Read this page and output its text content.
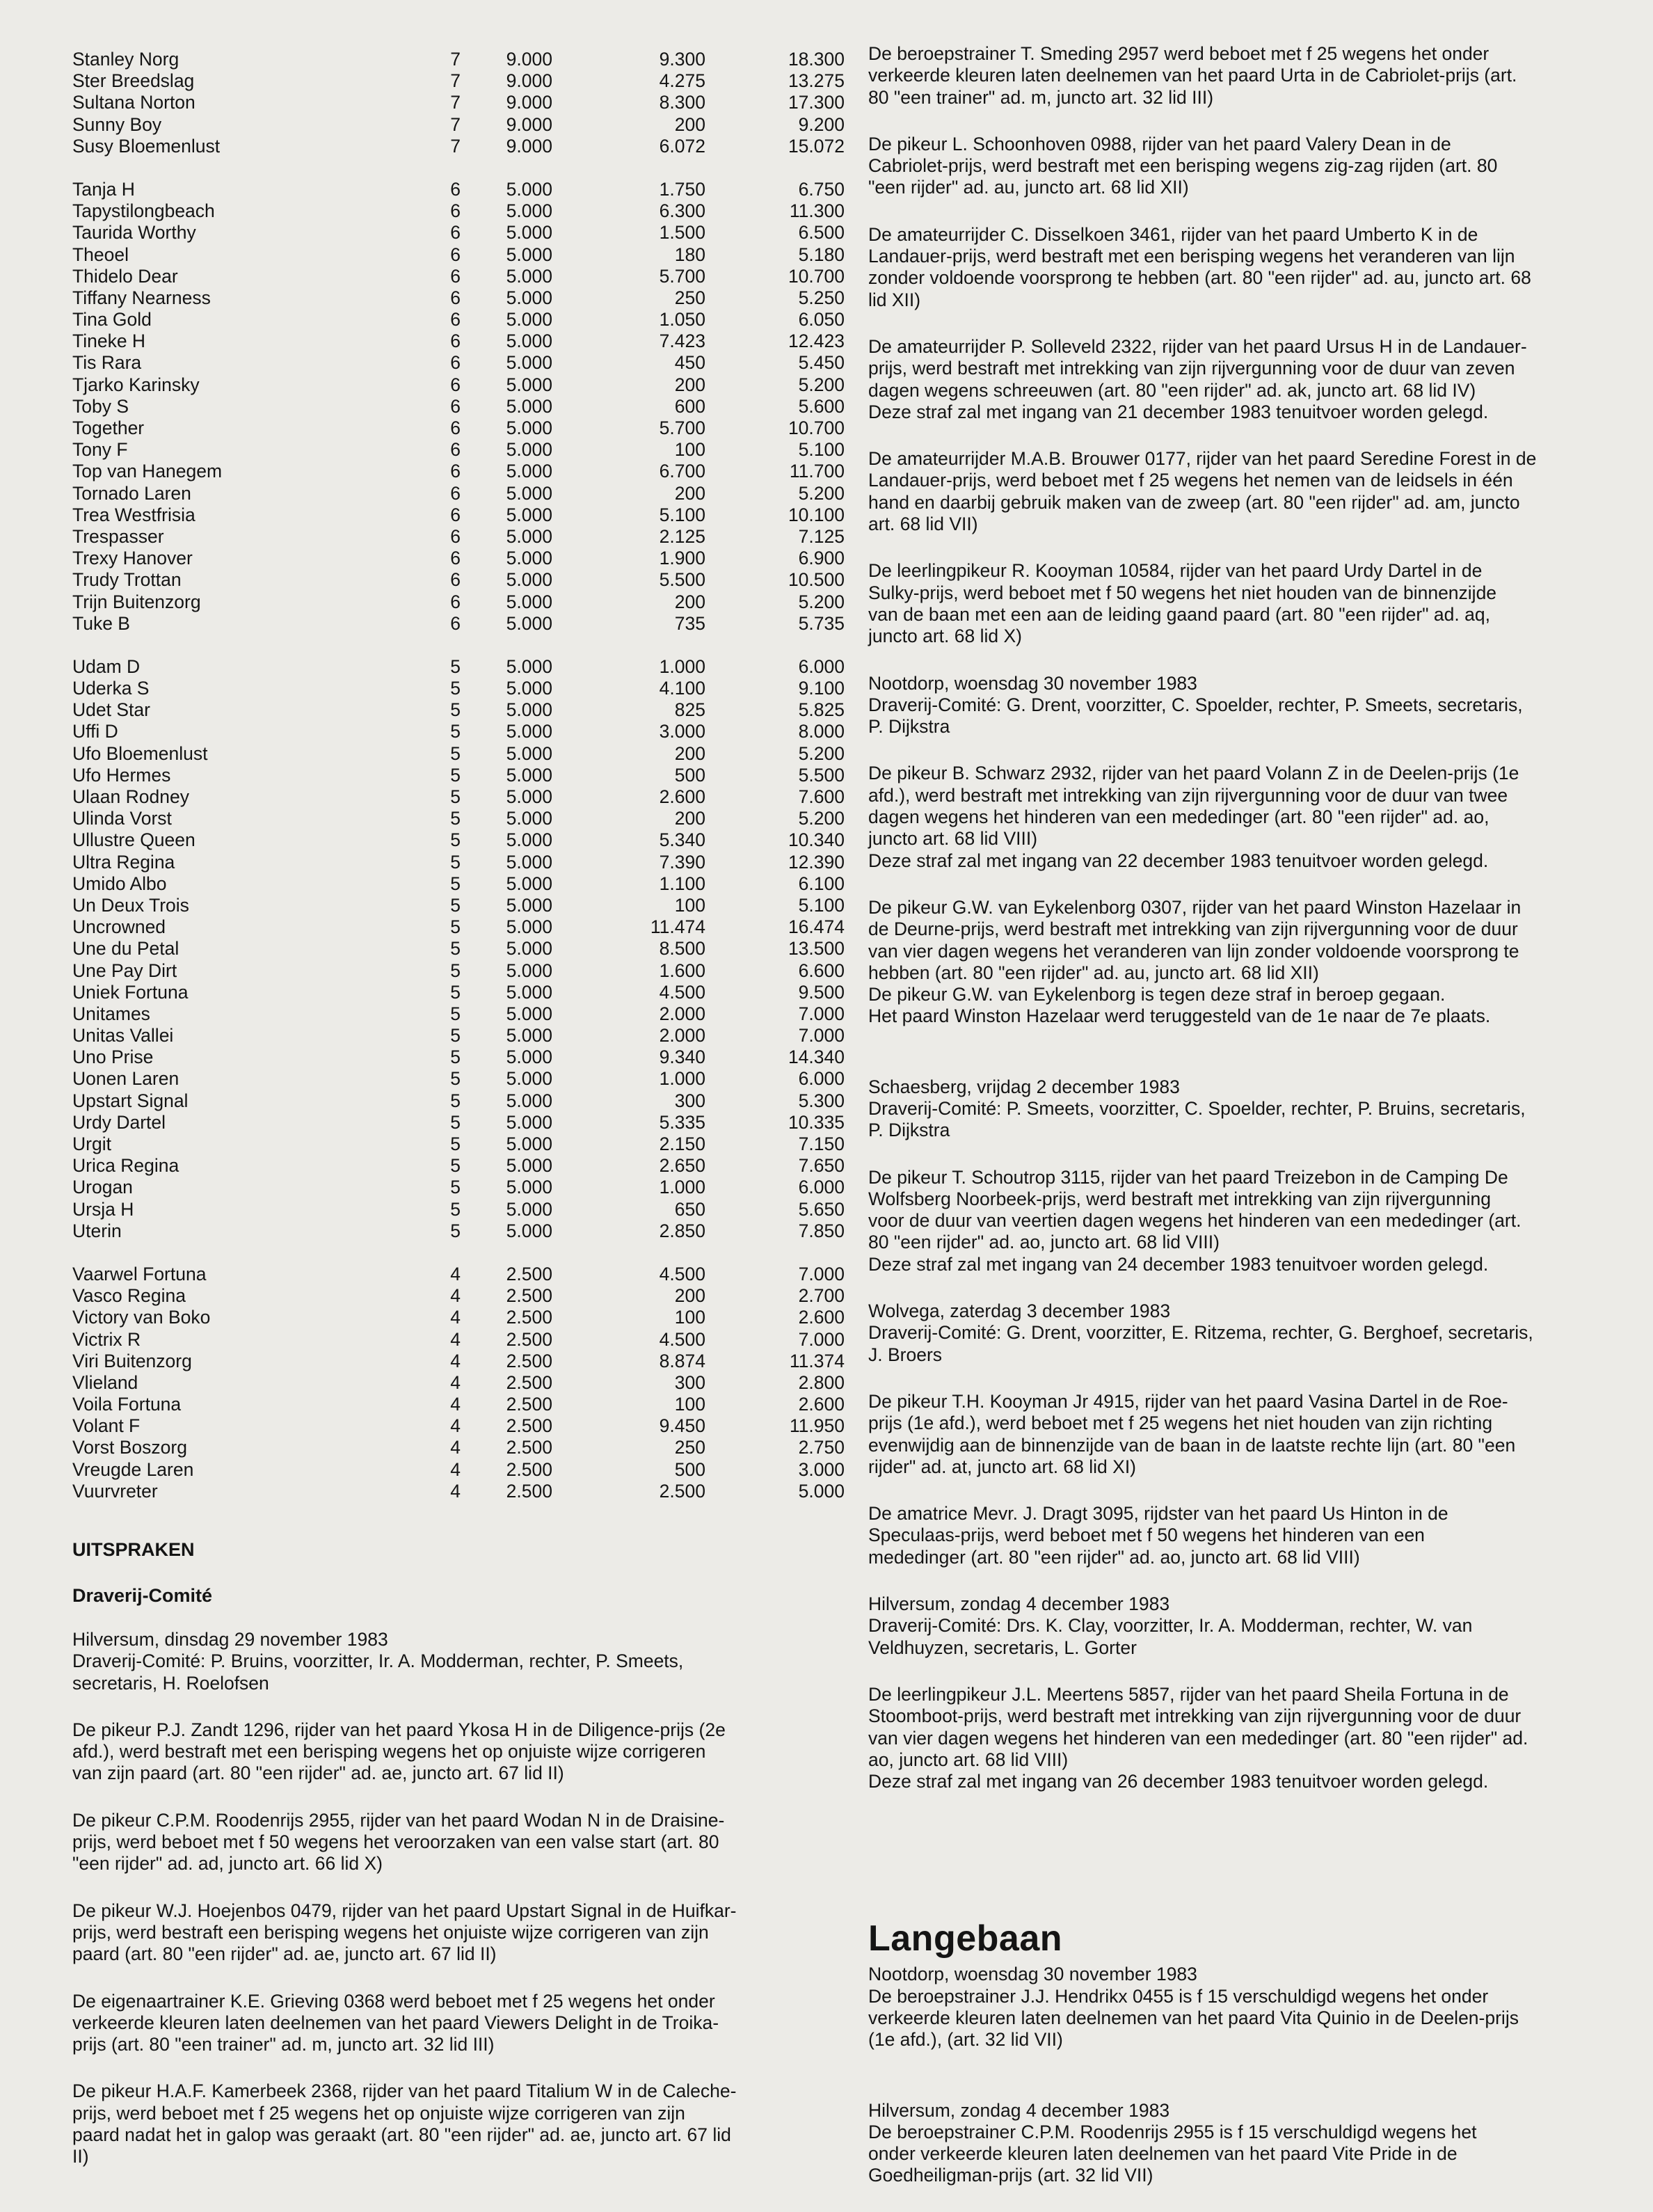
Stanley Norg	7	9.000	9.300	18.300
Ster Breedslag	7	9.000	4.275	13.275
Sultana Norton	7	9.000	8.300	17.300
Sunny Boy	7	9.000	200	9.200
Susy Bloemenlust	7	9.000	6.072	15.072
Tanja H	6	5.000	1.750	6.750
Tapystilongbeach	6	5.000	6.300	11.300
Taurida Worthy	6	5.000	1.500	6.500
Theoel	6	5.000	180	5.180
Thidelo Dear	6	5.000	5.700	10.700
Tiffany Nearness	6	5.000	250	5.250
Tina Gold	6	5.000	1.050	6.050
Tineke H	6	5.000	7.423	12.423
Tis Rara	6	5.000	450	5.450
Tjarko Karinsky	6	5.000	200	5.200
Toby S	6	5.000	600	5.600
Together	6	5.000	5.700	10.700
Tony F	6	5.000	100	5.100
Top van Hanegem	6	5.000	6.700	11.700
Tornado Laren	6	5.000	200	5.200
Trea Westfrisia	6	5.000	5.100	10.100
Trespasser	6	5.000	2.125	7.125
Trexy Hanover	6	5.000	1.900	6.900
Trudy Trottan	6	5.000	5.500	10.500
Trijn Buitenzorg	6	5.000	200	5.200
Tuke B	6	5.000	735	5.735
Udam D	5	5.000	1.000	6.000
Uderka S	5	5.000	4.100	9.100
Udet Star	5	5.000	825	5.825
Uffi D	5	5.000	3.000	8.000
Ufo Bloemenlust	5	5.000	200	5.200
Ufo Hermes	5	5.000	500	5.500
Ulaan Rodney	5	5.000	2.600	7.600
Ulinda Vorst	5	5.000	200	5.200
Ullustre Queen	5	5.000	5.340	10.340
Ultra Regina	5	5.000	7.390	12.390
Umido Albo	5	5.000	1.100	6.100
Un Deux Trois	5	5.000	100	5.100
Uncrowned	5	5.000	11.474	16.474
Une du Petal	5	5.000	8.500	13.500
Une Pay Dirt	5	5.000	1.600	6.600
Uniek Fortuna	5	5.000	4.500	9.500
Unitames	5	5.000	2.000	7.000
Unitas Vallei	5	5.000	2.000	7.000
Uno Prise	5	5.000	9.340	14.340
Uonen Laren	5	5.000	1.000	6.000
Upstart Signal	5	5.000	300	5.300
Urdy Dartel	5	5.000	5.335	10.335
Urgit	5	5.000	2.150	7.150
Urica Regina	5	5.000	2.650	7.650
Urogan	5	5.000	1.000	6.000
Ursja H	5	5.000	650	5.650
Uterin	5	5.000	2.850	7.850
Vaarwel Fortuna	4	2.500	4.500	7.000
Vasco Regina	4	2.500	200	2.700
Victory van Boko	4	2.500	100	2.600
Victrix R	4	2.500	4.500	7.000
Viri Buitenzorg	4	2.500	8.874	11.374
Vlieland	4	2.500	300	2.800
Voila Fortuna	4	2.500	100	2.600
Volant F	4	2.500	9.450	11.950
Vorst Boszorg	4	2.500	250	2.750
Vreugde Laren	4	2.500	500	3.000
Vuurvreter	4	2.500	2.500	5.000
UITSPRAKEN
Draverij-Comité
Hilversum, dinsdag 29 november 1983
Draverij-Comité: P. Bruins, voorzitter, Ir. A. Modderman, rechter, P. Smeets,
secretaris, H. Roelofsen
De pikeur P.J. Zandt 1296, rijder van het paard Ykosa H in de Diligence-prijs (2e
afd.), werd bestraft met een berisping wegens het op onjuiste wijze corrigeren
van zijn paard (art. 80 "een rijder" ad. ae, juncto art. 67 lid II)
De pikeur C.P.M. Roodenrijs 2955, rijder van het paard Wodan N in de Draisine-
prijs, werd beboet met f 50 wegens het veroorzaken van een valse start (art. 80
"een rijder" ad. ad, juncto art. 66 lid X)
De pikeur W.J. Hoejenbos 0479, rijder van het paard Upstart Signal in de Huifkar-
prijs, werd bestraft een berisping wegens het onjuiste wijze corrigeren van zijn
paard (art. 80 "een rijder" ad. ae, juncto art. 67 lid II)
De eigenaartrainer K.E. Grieving 0368 werd beboet met f 25 wegens het onder
verkeerde kleuren laten deelnemen van het paard Viewers Delight in de Troika-
prijs (art. 80 "een trainer" ad. m, juncto art. 32 lid III)
De pikeur H.A.F. Kamerbeek 2368, rijder van het paard Titalium W in de Caleche-
prijs, werd beboet met f 25 wegens het op onjuiste wijze corrigeren van zijn
paard nadat het in galop was geraakt (art. 80 "een rijder" ad. ae, juncto art. 67 lid
II)
De beroepstrainer T. Smeding 2957 werd beboet met f 25 wegens het onder
verkeerde kleuren laten deelnemen van het paard Urta in de Cabriolet-prijs (art.
80 "een trainer" ad. m, juncto art. 32 lid III)
De pikeur L. Schoonhoven 0988, rijder van het paard Valery Dean in de
Cabriolet-prijs, werd bestraft met een berisping wegens zig-zag rijden (art. 80
"een rijder" ad. au, juncto art. 68 lid XII)
De amateurrijder C. Disselkoen 3461, rijder van het paard Umberto K in de
Landauer-prijs, werd bestraft met een berisping wegens het veranderen van lijn
zonder voldoende voorsprong te hebben (art. 80 "een rijder" ad. au, juncto art. 68
lid XII)
De amateurrijder P. Solleveld 2322, rijder van het paard Ursus H in de Landauer-
prijs, werd bestraft met intrekking van zijn rijvergunning voor de duur van zeven
dagen wegens schreeuwen (art. 80 "een rijder" ad. ak, juncto art. 68 lid IV)
Deze straf zal met ingang van 21 december 1983 tenuitvoer worden gelegd.
De amateurrijder M.A.B. Brouwer 0177, rijder van het paard Seredine Forest in de
Landauer-prijs, werd beboet met f 25 wegens het nemen van de leidsels in één
hand en daarbij gebruik maken van de zweep (art. 80 "een rijder" ad. am, juncto
art. 68 lid VII)
De leerlingpikeur R. Kooyman 10584, rijder van het paard Urdy Dartel in de
Sulky-prijs, werd beboet met f 50 wegens het niet houden van de binnenzijde
van de baan met een aan de leiding gaand paard (art. 80 "een rijder" ad. aq,
juncto art. 68 lid X)
Nootdorp, woensdag 30 november 1983
Draverij-Comité: G. Drent, voorzitter, C. Spoelder, rechter, P. Smeets, secretaris,
P. Dijkstra
De pikeur B. Schwarz 2932, rijder van het paard Volann Z in de Deelen-prijs (1e
afd.), werd bestraft met intrekking van zijn rijvergunning voor de duur van twee
dagen wegens het hinderen van een mededinger (art. 80 "een rijder" ad. ao,
juncto art. 68 lid VIII)
Deze straf zal met ingang van 22 december 1983 tenuitvoer worden gelegd.
De pikeur G.W. van Eykelenborg 0307, rijder van het paard Winston Hazelaar in
de Deurne-prijs, werd bestraft met intrekking van zijn rijvergunning voor de duur
van vier dagen wegens het veranderen van lijn zonder voldoende voorsprong te
hebben (art. 80 "een rijder" ad. au, juncto art. 68 lid XII)
De pikeur G.W. van Eykelenborg is tegen deze straf in beroep gegaan.
Het paard Winston Hazelaar werd teruggesteld van de 1e naar de 7e plaats.
Schaesberg, vrijdag 2 december 1983
Draverij-Comité: P. Smeets, voorzitter, C. Spoelder, rechter, P. Bruins, secretaris,
P. Dijkstra
De pikeur T. Schoutrop 3115, rijder van het paard Treizebon in de Camping De
Wolfsberg Noorbeek-prijs, werd bestraft met intrekking van zijn rijvergunning
voor de duur van veertien dagen wegens het hinderen van een mededinger (art.
80 "een rijder" ad. ao, juncto art. 68 lid VIII)
Deze straf zal met ingang van 24 december 1983 tenuitvoer worden gelegd.
Wolvega, zaterdag 3 december 1983
Draverij-Comité: G. Drent, voorzitter, E. Ritzema, rechter, G. Berghoef, secretaris,
J. Broers
De pikeur T.H. Kooyman Jr 4915, rijder van het paard Vasina Dartel in de Roe-
prijs (1e afd.), werd beboet met f 25 wegens het niet houden van zijn richting
evenwijdig aan de binnenzijde van de baan in de laatste rechte lijn (art. 80 "een
rijder" ad. at, juncto art. 68 lid XI)
De amatrice Mevr. J. Dragt 3095, rijdster van het paard Us Hinton in de
Speculaas-prijs, werd beboet met f 50 wegens het hinderen van een
mededinger (art. 80 "een rijder" ad. ao, juncto art. 68 lid VIII)
Hilversum, zondag 4 december 1983
Draverij-Comité: Drs. K. Clay, voorzitter, Ir. A. Modderman, rechter, W. van
Veldhuyzen, secretaris, L. Gorter
De leerlingpikeur J.L. Meertens 5857, rijder van het paard Sheila Fortuna in de
Stoomboot-prijs, werd bestraft met intrekking van zijn rijvergunning voor de duur
van vier dagen wegens het hinderen van een mededinger (art. 80 "een rijder" ad.
ao, juncto art. 68 lid VIII)
Deze straf zal met ingang van 26 december 1983 tenuitvoer worden gelegd.
Langebaan
Nootdorp, woensdag 30 november 1983
De beroepstrainer J.J. Hendrikx 0455 is f 15 verschuldigd wegens het onder
verkeerde kleuren laten deelnemen van het paard Vita Quinio in de Deelen-prijs
(1e afd.), (art. 32 lid VII)
Hilversum, zondag 4 december 1983
De beroepstrainer C.P.M. Roodenrijs 2955 is f 15 verschuldigd wegens het
onder verkeerde kleuren laten deelnemen van het paard Vite Pride in de
Goedheiligman-prijs (art. 32 lid VII)
